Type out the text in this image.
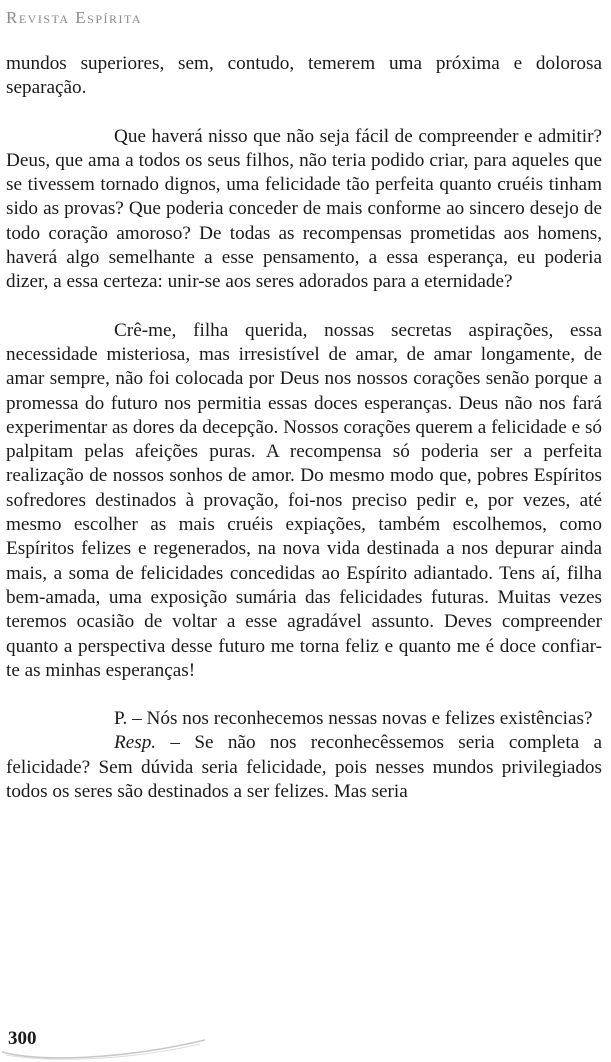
Revista Espírita

mundos superiores, sem, contudo, temerem uma próxima e dolorosa separação.

Que haverá nisso que não seja fácil de compreender e admitir? Deus, que ama a todos os seus filhos, não teria podido criar, para aqueles que se tivessem tornado dignos, uma felicidade tão perfeita quanto cruéis tinham sido as provas? Que poderia conceder de mais conforme ao sincero desejo de todo coração amoroso? De todas as recompensas prometidas aos homens, haverá algo semelhante a esse pensamento, a essa esperança, eu poderia dizer, a essa certeza: unir-se aos seres adorados para a eternidade?

Crê-me, filha querida, nossas secretas aspirações, essa necessidade misteriosa, mas irresistível de amar, de amar longamente, de amar sempre, não foi colocada por Deus nos nossos corações senão porque a promessa do futuro nos permitia essas doces esperanças. Deus não nos fará experimentar as dores da decepção. Nossos corações querem a felicidade e só palpitam pelas afeições puras. A recompensa só poderia ser a perfeita realização de nossos sonhos de amor. Do mesmo modo que, pobres Espíritos sofredores destinados à provação, foi-nos preciso pedir e, por vezes, até mesmo escolher as mais cruéis expiações, também escolhemos, como Espíritos felizes e regenerados, na nova vida destinada a nos depurar ainda mais, a soma de felicidades concedidas ao Espírito adiantado. Tens aí, filha bem-amada, uma exposição sumária das felicidades futuras. Muitas vezes teremos ocasião de voltar a esse agradável assunto. Deves compreender quanto a perspectiva desse futuro me torna feliz e quanto me é doce confiar-te as minhas esperanças!

P. – Nós nos reconhecemos nessas novas e felizes existências?

Resp. – Se não nos reconhecêssemos seria completa a felicidade? Sem dúvida seria felicidade, pois nesses mundos privilegiados todos os seres são destinados a ser felizes. Mas seria

300
